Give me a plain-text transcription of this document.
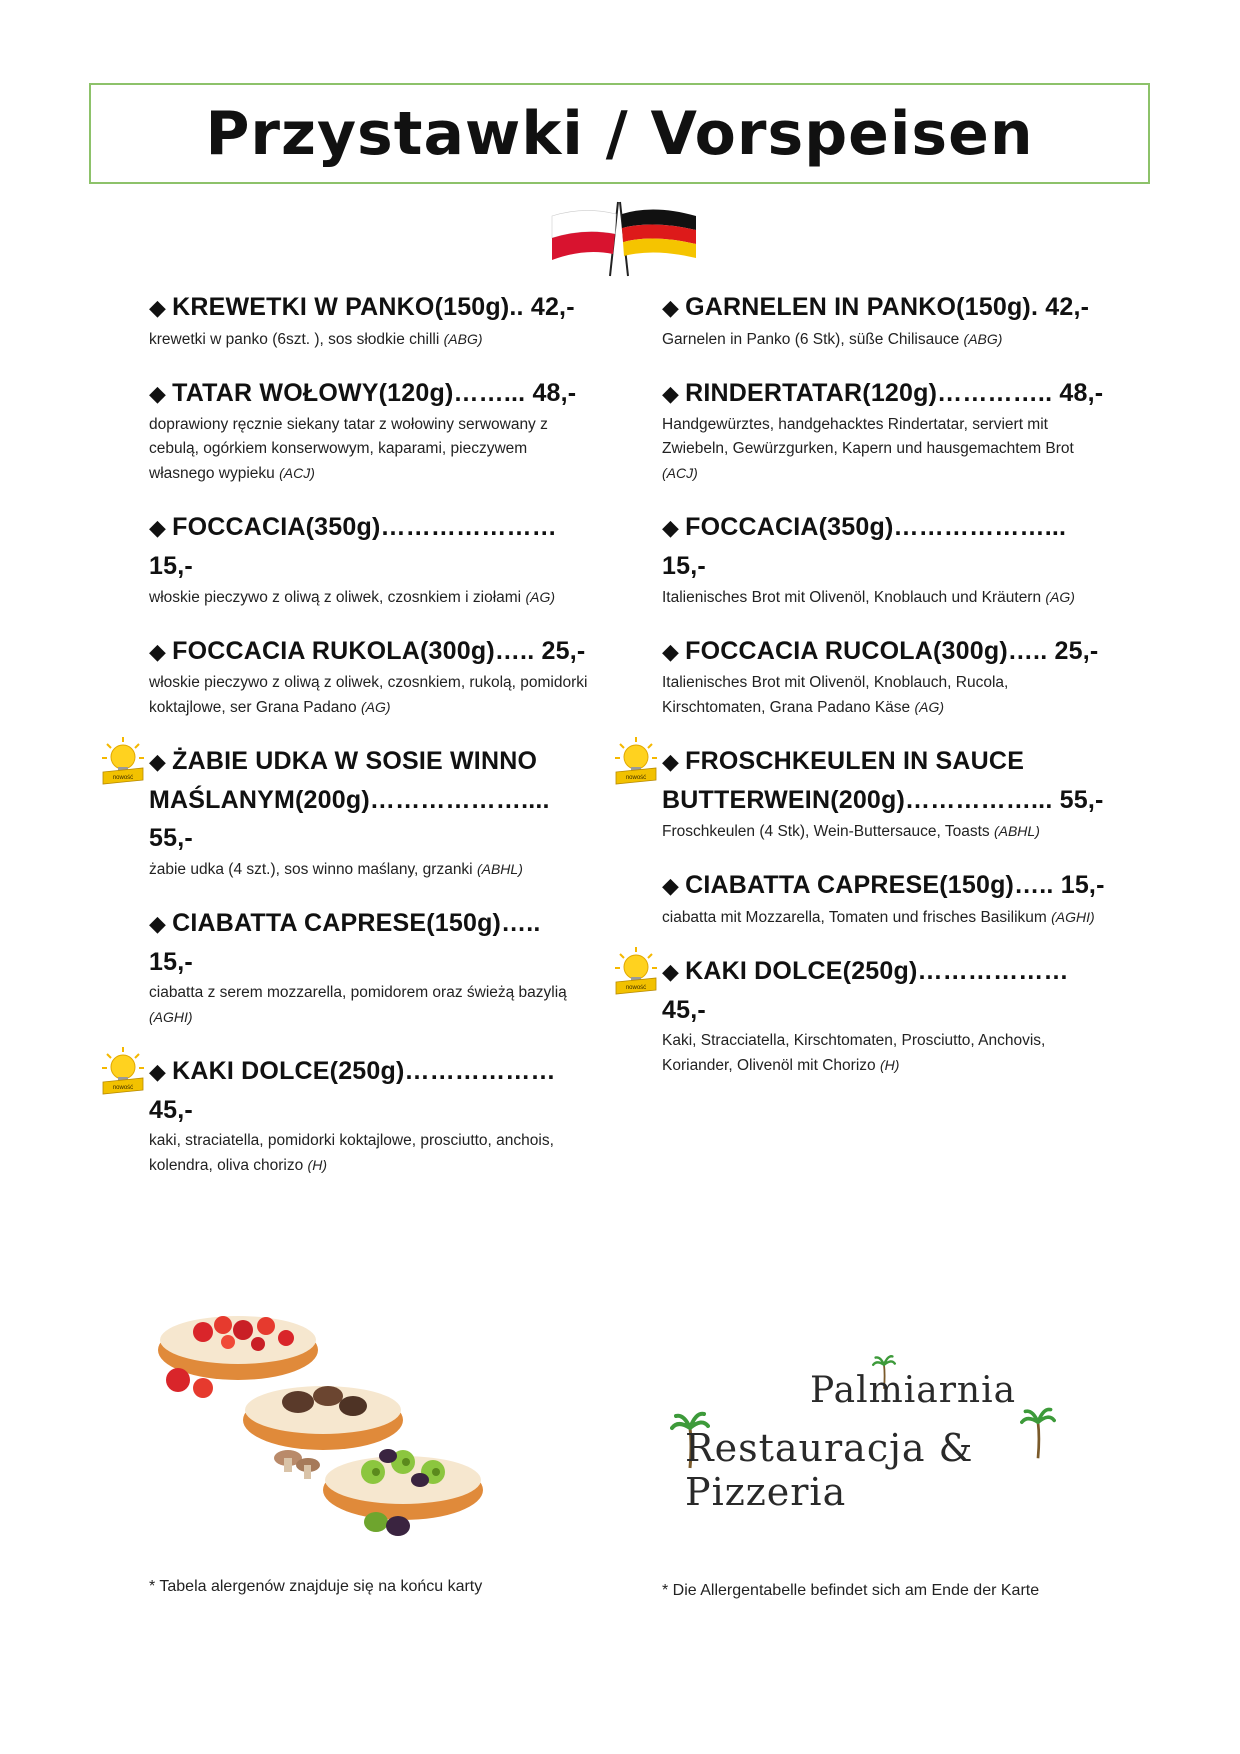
Przystawki / Vorspeisen
◆ KREWETKI W PANKO(150g).. 42,-
krewetki w panko (6szt. ), sos słodkie chilli (ABG)
◆ TATAR WOŁOWY(120g)……... 48,-
doprawiony ręcznie siekany tatar z wołowiny serwowany z cebulą, ogórkiem konserwowym, kaparami, pieczywem własnego wypieku (ACJ)
◆ FOCCACIA(350g)………………… 15,-
włoskie pieczywo z oliwą z oliwek, czosnkiem i ziołami (AG)
◆ FOCCACIA RUKOLA(300g)….. 25,-
włoskie pieczywo z oliwą z oliwek, czosnkiem, rukolą, pomidorki koktajlowe, ser Grana Padano (AG)
nowość
◆ ŻABIE UDKA W SOSIE WINNO MAŚLANYM(200g)……………….... 55,-
żabie udka (4 szt.), sos winno maślany, grzanki (ABHL)
◆ CIABATTA CAPRESE(150g)….. 15,-
ciabatta z serem mozzarella, pomidorem oraz świeżą bazylią (AGHI)
nowość
◆ KAKI DOLCE(250g)……………… 45,-
kaki, straciatella, pomidorki koktajlowe, prosciutto, anchois, kolendra, oliva chorizo (H)
◆ GARNELEN IN PANKO(150g). 42,-
Garnelen in Panko (6 Stk), süße Chilisauce (ABG)
◆ RINDERTATAR(120g)………….. 48,-
Handgewürztes, handgehacktes Rindertatar, serviert mit Zwiebeln, Gewürzgurken, Kapern und hausgemachtem Brot (ACJ)
◆ FOCCACIA(350g)………………... 15,-
Italienisches Brot mit Olivenöl, Knoblauch und Kräutern (AG)
◆ FOCCACIA RUCOLA(300g)….. 25,-
Italienisches Brot mit Olivenöl, Knoblauch, Rucola, Kirschtomaten, Grana Padano Käse (AG)
nowość
◆ FROSCHKEULEN IN SAUCE BUTTERWEIN(200g)……………... 55,-
Froschkeulen (4 Stk), Wein-Buttersauce, Toasts (ABHL)
◆ CIABATTA CAPRESE(150g)….. 15,-
ciabatta mit Mozzarella, Tomaten und frisches Basilikum (AGHI)
nowość
◆ KAKI DOLCE(250g)……………… 45,-
Kaki, Stracciatella, Kirschtomaten, Prosciutto, Anchovis, Koriander, Olivenöl mit Chorizo (H)
Palmiarnia
Restauracja & Pizzeria
* Tabela alergenów znajduje się na końcu karty	* Die Allergentabelle befindet sich am Ende der Karte
